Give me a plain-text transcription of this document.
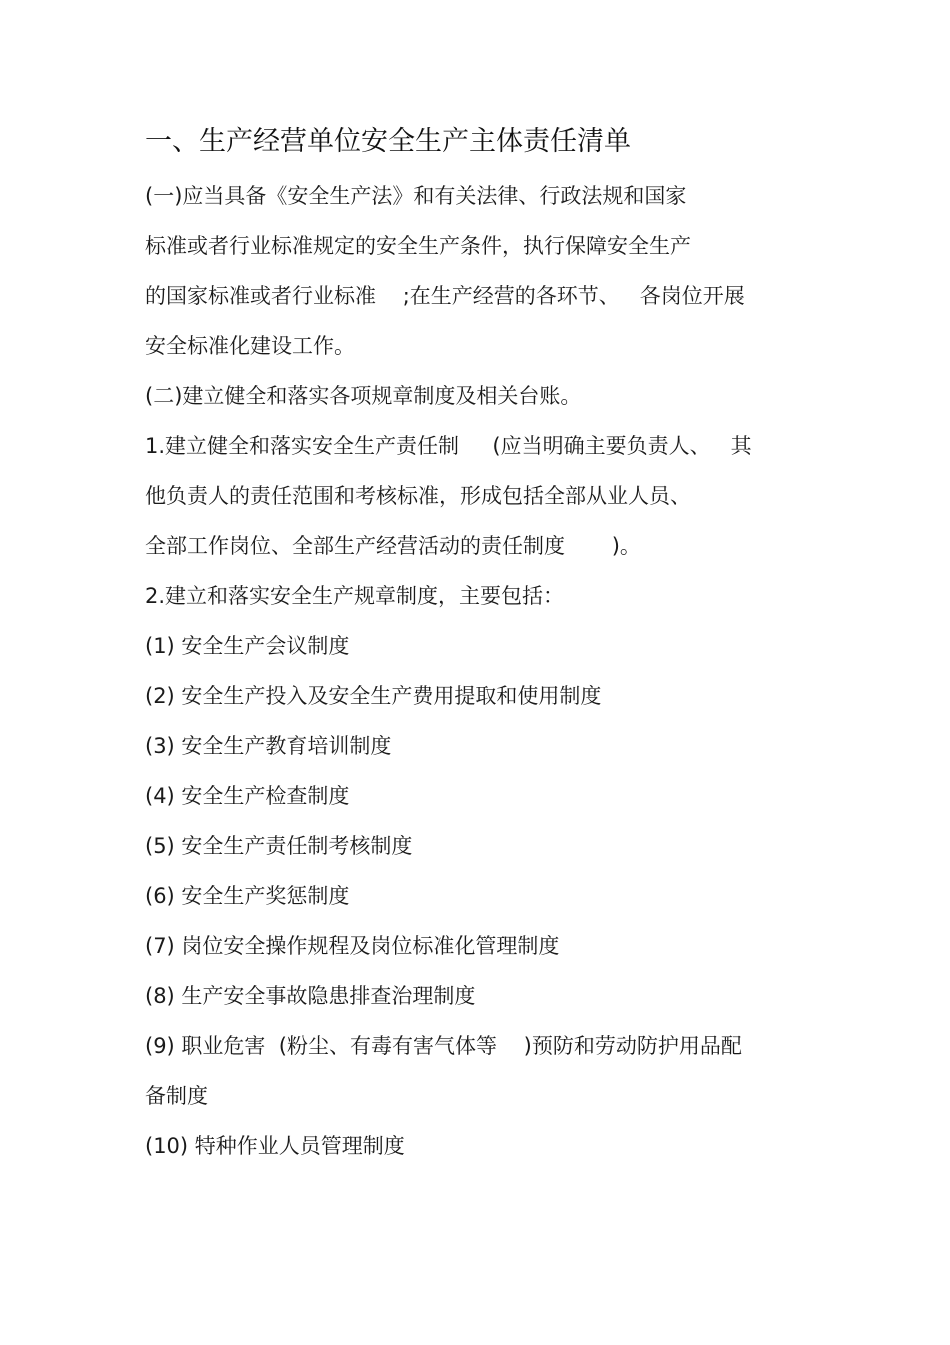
一、生产经营单位安全生产主体责任清单
(一)应当具备《安全生产法》和有关法律、行政法规和国家
标准或者行业标准规定的安全生产条件，执行保障安全生产
的国家标准或者行业标准    ;在生产经营的各环节、   各岗位开展
安全标准化建设工作。
(二)建立健全和落实各项规章制度及相关台账。
1.建立健全和落实安全生产责任制     (应当明确主要负责人、   其
他负责人的责任范围和考核标准，形成包括全部从业人员、
全部工作岗位、全部生产经营活动的责任制度       )。
2.建立和落实安全生产规章制度，主要包括：
(1) 安全生产会议制度
(2) 安全生产投入及安全生产费用提取和使用制度
(3) 安全生产教育培训制度
(4) 安全生产检查制度
(5) 安全生产责任制考核制度
(6) 安全生产奖惩制度
(7) 岗位安全操作规程及岗位标准化管理制度
(8) 生产安全事故隐患排查治理制度
(9) 职业危害  (粉尘、有毒有害气体等    )预防和劳动防护用品配
备制度
(10) 特种作业人员管理制度
